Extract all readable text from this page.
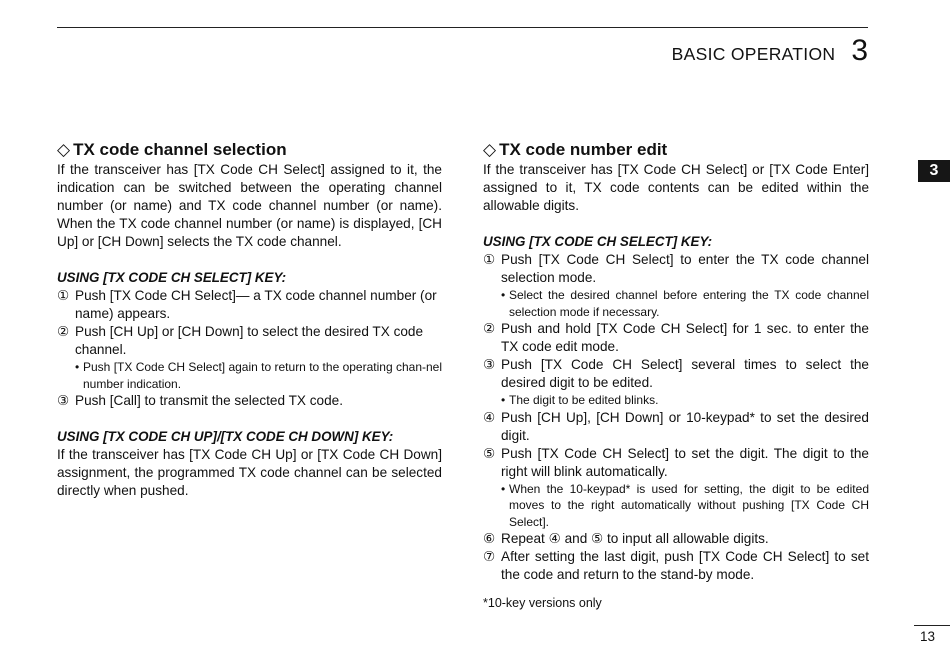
BASIC OPERATION 3
3
◇ TX code channel selection
If the transceiver has [TX Code CH Select] assigned to it, the indication can be switched between the operating channel number (or name) and TX code channel number (or name). When the TX code channel number (or name) is displayed, [CH Up] or [CH Down] selects the TX code channel.
USING [TX CODE CH SELECT] KEY:
① Push [TX Code CH Select]— a TX code channel number (or name) appears.
② Push [CH Up] or [CH Down] to select the desired TX code channel.
• Push [TX Code CH Select] again to return to the operating chan-nel number indication.
③ Push [Call] to transmit the selected TX code.
USING [TX CODE CH UP]/[TX CODE CH DOWN] KEY:
If the transceiver has [TX Code CH Up] or [TX Code CH Down] assignment, the programmed TX code channel can be selected directly when pushed.
◇ TX code number edit
If the transceiver has [TX Code CH Select] or [TX Code Enter] assigned to it, TX code contents can be edited within the allowable digits.
USING [TX CODE CH SELECT] KEY:
① Push [TX Code CH Select] to enter the TX code channel selection mode.
• Select the desired channel before entering the TX code channel selection mode if necessary.
② Push and hold [TX Code CH Select] for 1 sec. to enter the TX code edit mode.
③ Push [TX Code CH Select] several times to select the desired digit to be edited.
• The digit to be edited blinks.
④ Push [CH Up], [CH Down] or 10-keypad* to set the desired digit.
⑤ Push [TX Code CH Select] to set the digit. The digit to the right will blink automatically.
• When the 10-keypad* is used for setting, the digit to be edited moves to the right automatically without pushing [TX Code CH Select].
⑥ Repeat ④ and ⑤ to input all allowable digits.
⑦ After setting the last digit, push [TX Code CH Select] to set the code and return to the stand-by mode.
*10-key versions only
13
